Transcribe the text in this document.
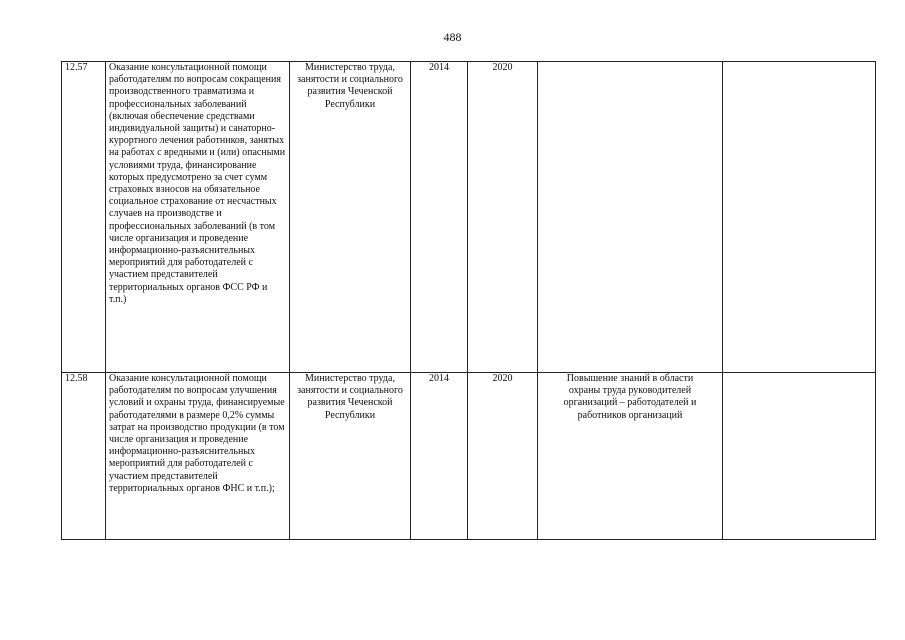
488
12.57	Оказание консультационной помощи работодателям по вопросам сокращения производственного травматизма и профессиональных заболеваний (включая обеспечение средствами индивидуальной защиты) и санаторно-курортного лечения работников, занятых на работах с вредными и (или) опасными условиями труда, финансирование которых предусмотрено за счет сумм страховых взносов на обязательное социальное страхование от несчастных случаев на производстве и профессиональных заболеваний (в том числе организация и проведение информационно-разъяснительных мероприятий для работодателей с участием представителей территориальных органов ФСС РФ и т.п.)	Министерство труда, занятости и социального развития Чеченской Республики	2014	2020	

12.58	Оказание консультационной помощи работодателям по вопросам улучшения условий и охраны труда, финансируемые работодателями в размере 0,2% суммы затрат на производство продукции (в том числе организация и проведение информационно-разъяснительных мероприятий для работодателей с участием представителей территориальных органов ФНС и т.п.);	Министерство труда, занятости и социального развития Чеченской Республики	2014	2020	Повышение знаний в области охраны труда руководителей организаций – работодателей и работников организаций	
